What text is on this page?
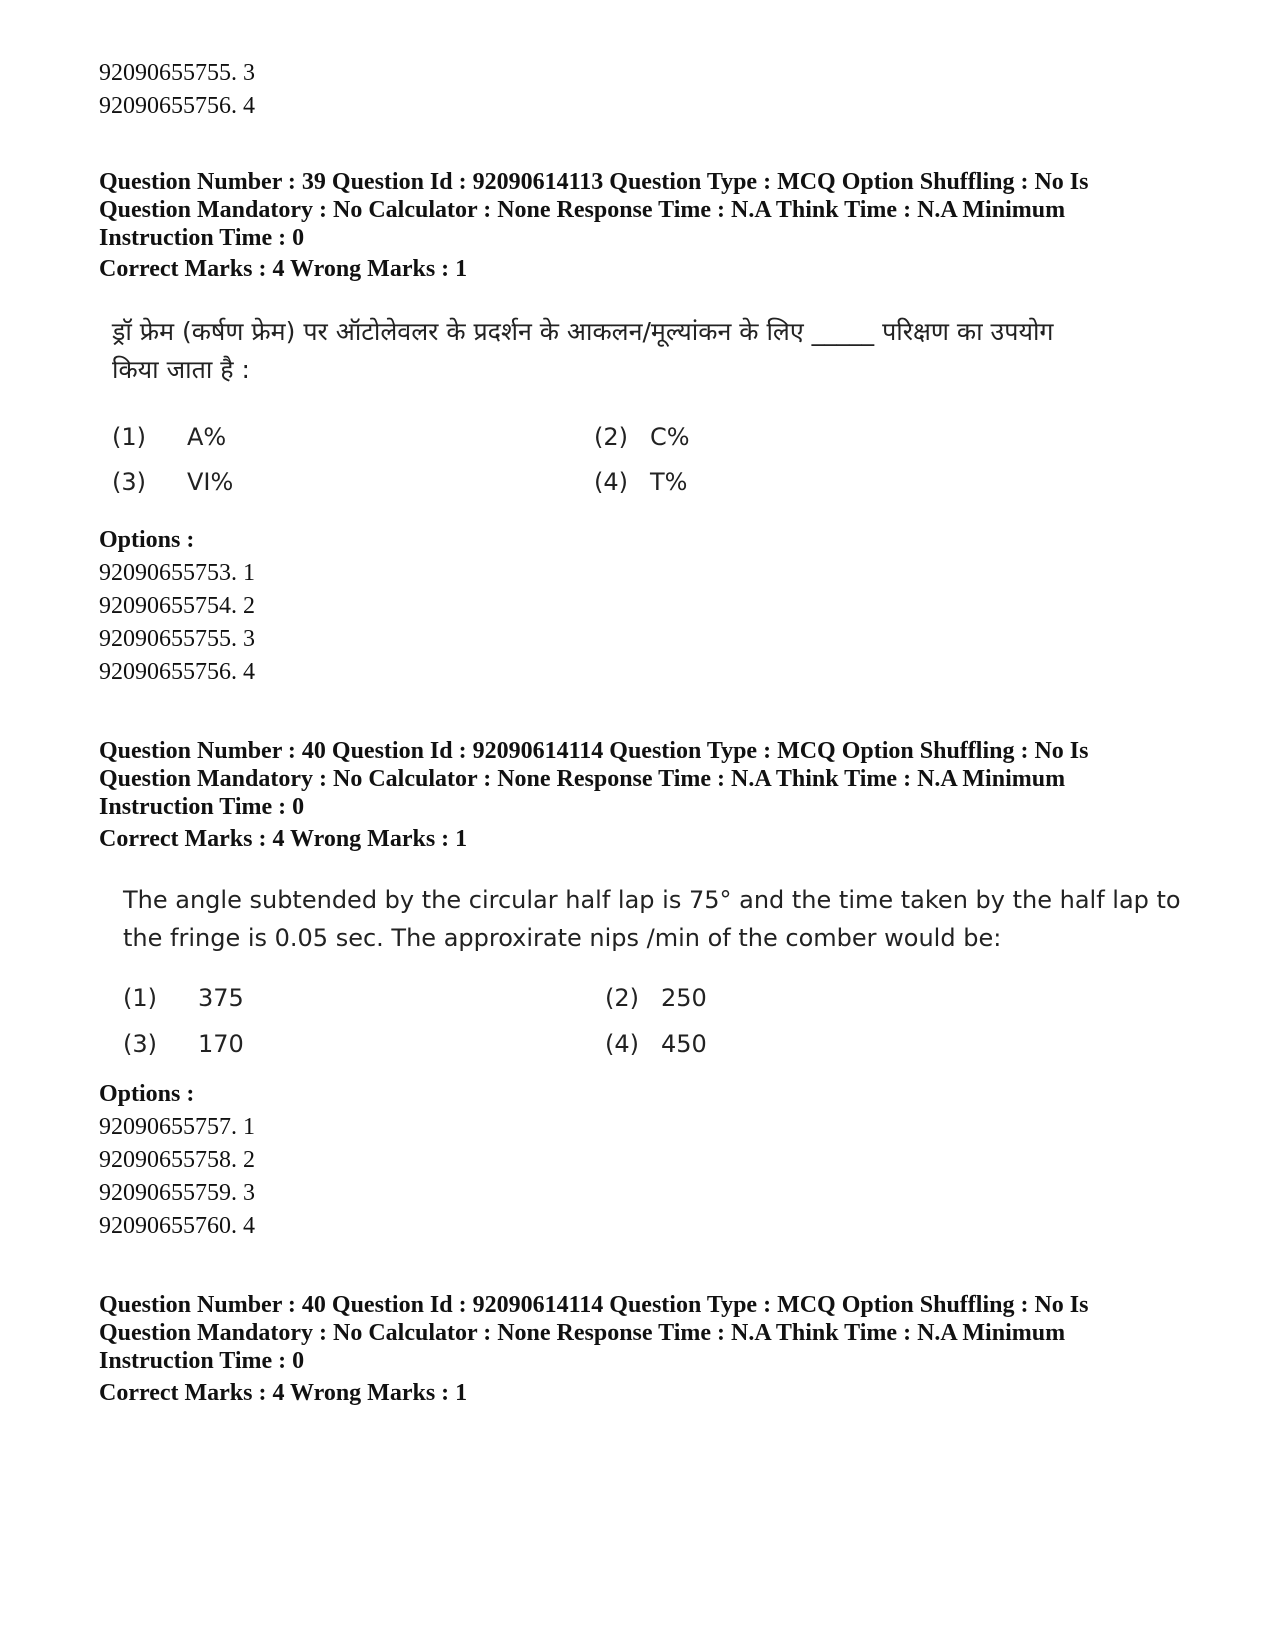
92090655755. 3
92090655756. 4
Question Number : 39 Question Id : 92090614113 Question Type : MCQ Option Shuffling : No Is
Question Mandatory : No Calculator : None Response Time : N.A Think Time : N.A Minimum
Instruction Time : 0
Correct Marks : 4 Wrong Marks : 1
ड्रॉ फ्रेम (कर्षण फ्रेम) पर ऑटोलेवलर के प्रदर्शन के आकलन/मूल्यांकन के लिए _____ परिक्षण का उपयोग
किया जाता है :
(1) A%	(2) C%
(3) VI%	(4) T%
Options :
92090655753. 1
92090655754. 2
92090655755. 3
92090655756. 4
Question Number : 40 Question Id : 92090614114 Question Type : MCQ Option Shuffling : No Is
Question Mandatory : No Calculator : None Response Time : N.A Think Time : N.A Minimum
Instruction Time : 0
Correct Marks : 4 Wrong Marks : 1
The angle subtended by the circular half lap is 75° and the time taken by the half lap to
the fringe is 0.05 sec. The approxirate nips /min of the comber would be:
(1) 375	(2) 250
(3) 170	(4) 450
Options :
92090655757. 1
92090655758. 2
92090655759. 3
92090655760. 4
Question Number : 40 Question Id : 92090614114 Question Type : MCQ Option Shuffling : No Is
Question Mandatory : No Calculator : None Response Time : N.A Think Time : N.A Minimum
Instruction Time : 0
Correct Marks : 4 Wrong Marks : 1
